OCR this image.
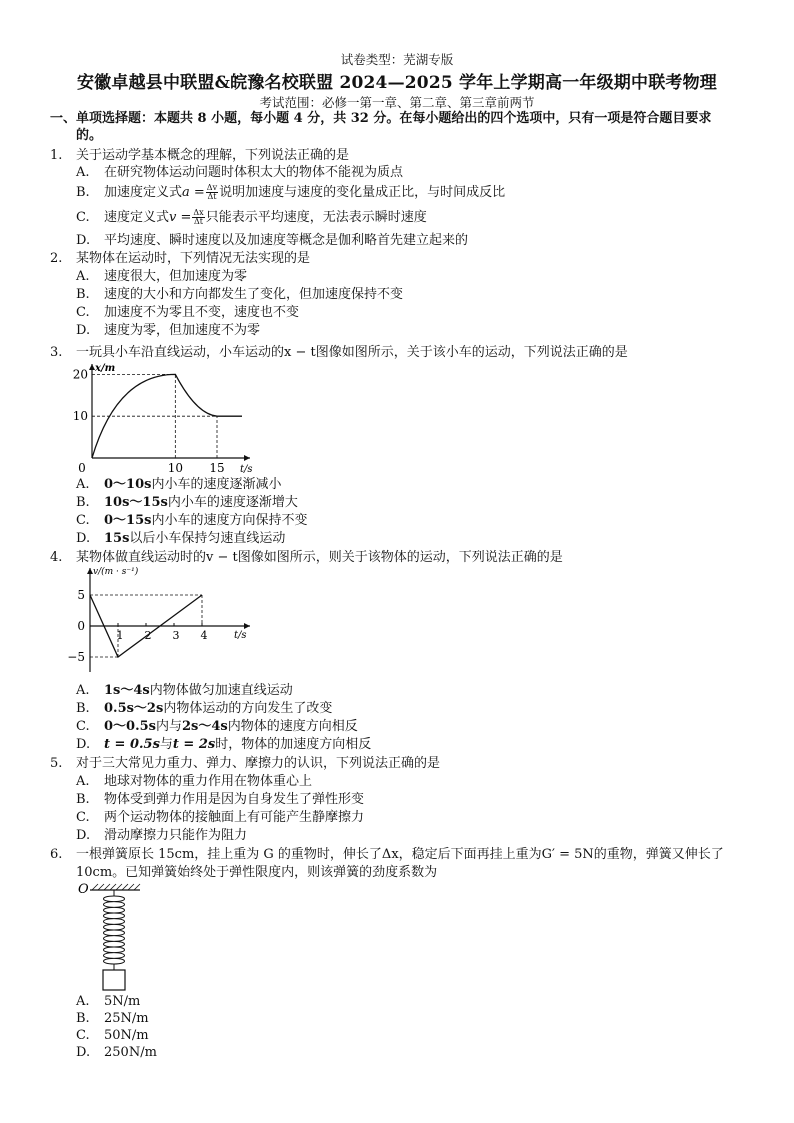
试卷类型：芜湖专版
安徽卓越县中联盟&皖豫名校联盟 2024—2025 学年上学期高一年级期中联考物理
考试范围：必修一第一章、第二章、第三章前两节
一、单项选择题：本题共 8 小题，每小题 4 分，共 32 分。在每小题给出的四个选项中，只有一项是符合题目要求
的。
1. 关于运动学基本概念的理解，下列说法正确的是
A. 在研究物体运动问题时体积太大的物体不能视为质点
B. 加速度定义式$a = \frac{\Delta v}{\Delta t}$ 说明加速度与速度的变化量成正比，与时间成反比
C. 速度定义式$v = \frac{\Delta x}{\Delta t}$ 只能表示平均速度，无法表示瞬时速度
D. 平均速度、瞬时速度以及加速度等概念是伽利略首先建立起来的
2. 某物体在运动时，下列情况无法实现的是
A. 速度很大，但加速度为零
B. 速度的大小和方向都发生了变化，但加速度保持不变
C. 加速度不为零且不变，速度也不变
D. 速度为零，但加速度不为零
3. 一玩具小车沿直线运动，小车运动的x − t图像如图所示，关于该小车的运动，下列说法正确的是
x/m
t/s
10
20
0	10 15
A. 0～10s内小车的速度逐渐减小
B. 10s～15s内小车的速度逐渐增大
C. 0～15s内小车的速度方向保持不变
D. 15s以后小车保持匀速直线运动
4. 某物体做直线运动时的v − t图像如图所示，则关于该物体的运动，下列说法正确的是
v/(m · s⁻¹)
t/s
5
0
−5
1 2 3 4
A. 1s～4s内物体做匀加速直线运动
B. 0.5s～2s内物体运动的方向发生了改变
C. 0～0.5s内与2s～4s内物体的速度方向相反
D. t = 0.5s与t = 2s时，物体的加速度方向相反
5. 对于三大常见力重力、弹力、摩擦力的认识，下列说法正确的是
A. 地球对物体的重力作用在物体重心上
B. 物体受到弹力作用是因为自身发生了弹性形变
C. 两个运动物体的接触面上有可能产生静摩擦力
D. 滑动摩擦力只能作为阻力
6. 一根弹簧原长 15cm，挂上重为 G 的重物时，伸长了Δx，稳定后下面再挂上重为G′ = 5N的重物，弹簧又伸长了
10cm。已知弹簧始终处于弹性限度内，则该弹簧的劲度系数为
O
A. 5N/m
B. 25N/m
C. 50N/m
D. 250N/m
